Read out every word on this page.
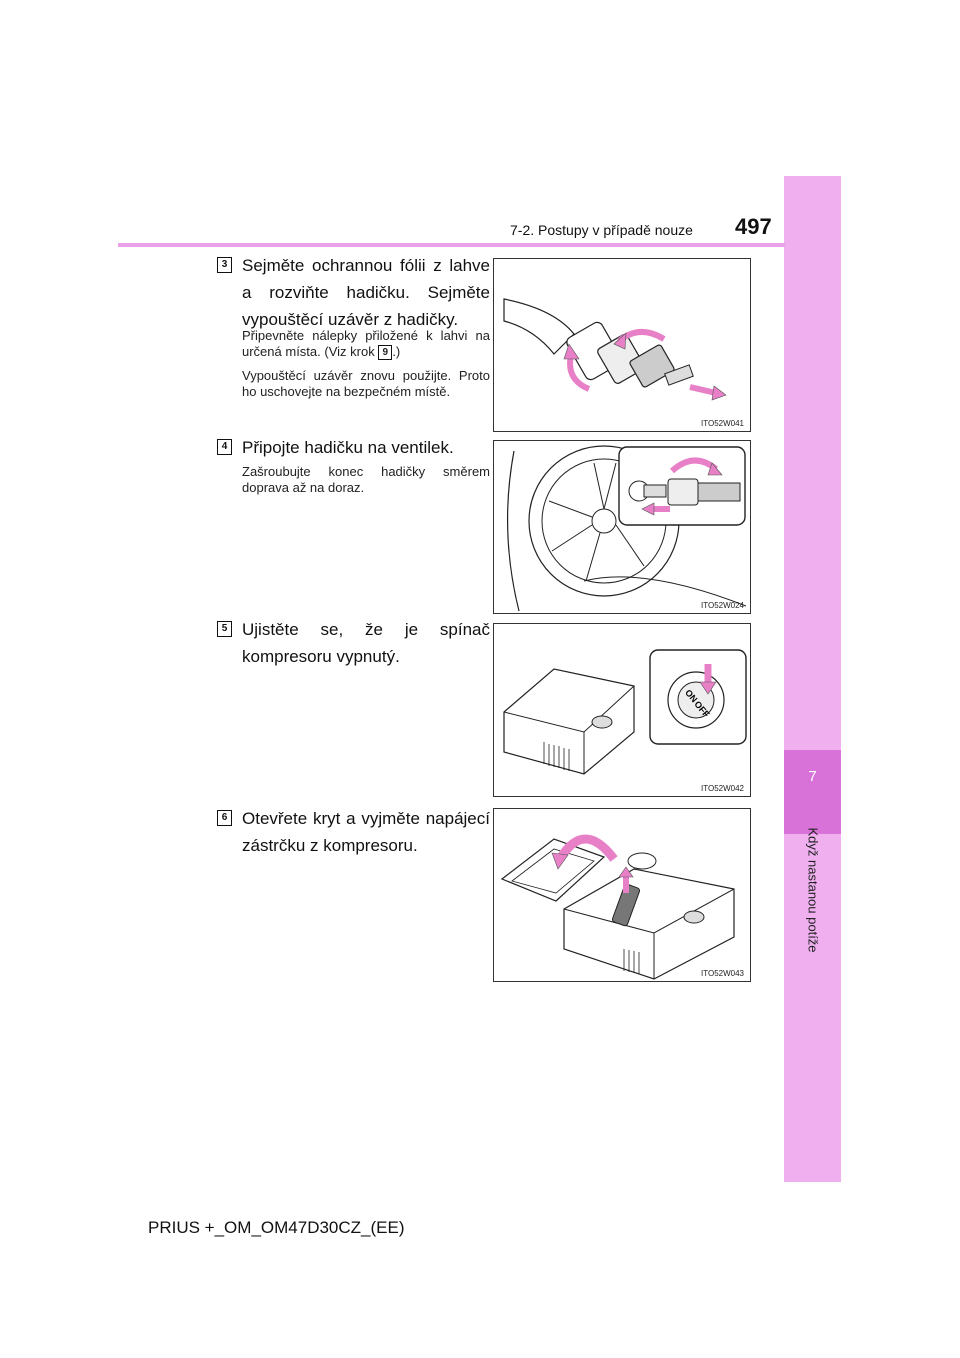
7
Když nastanou potíže
7-2. Postupy v případě nouze 497
3 Sejměte ochrannou fólii z lahve a rozviňte hadičku. Sejměte vypouštěcí uzávěr z hadičky.
Připevněte nálepky přiložené k lahvi na určená místa. (Viz krok 9 .)
Vypouštěcí uzávěr znovu použijte. Proto ho uschovejte na bezpečném místě.
ITO52W041
4 Připojte hadičku na ventilek.
Zašroubujte konec hadičky směrem doprava až na doraz.
ITO52W024
5 Ujistěte se, že je spínač kompresoru vypnutý.
ON
OFF
ITO52W042
6 Otevřete kryt a vyjměte napájecí zástrčku z kompresoru.
ITO52W043
PRIUS +_OM_OM47D30CZ_(EE)
